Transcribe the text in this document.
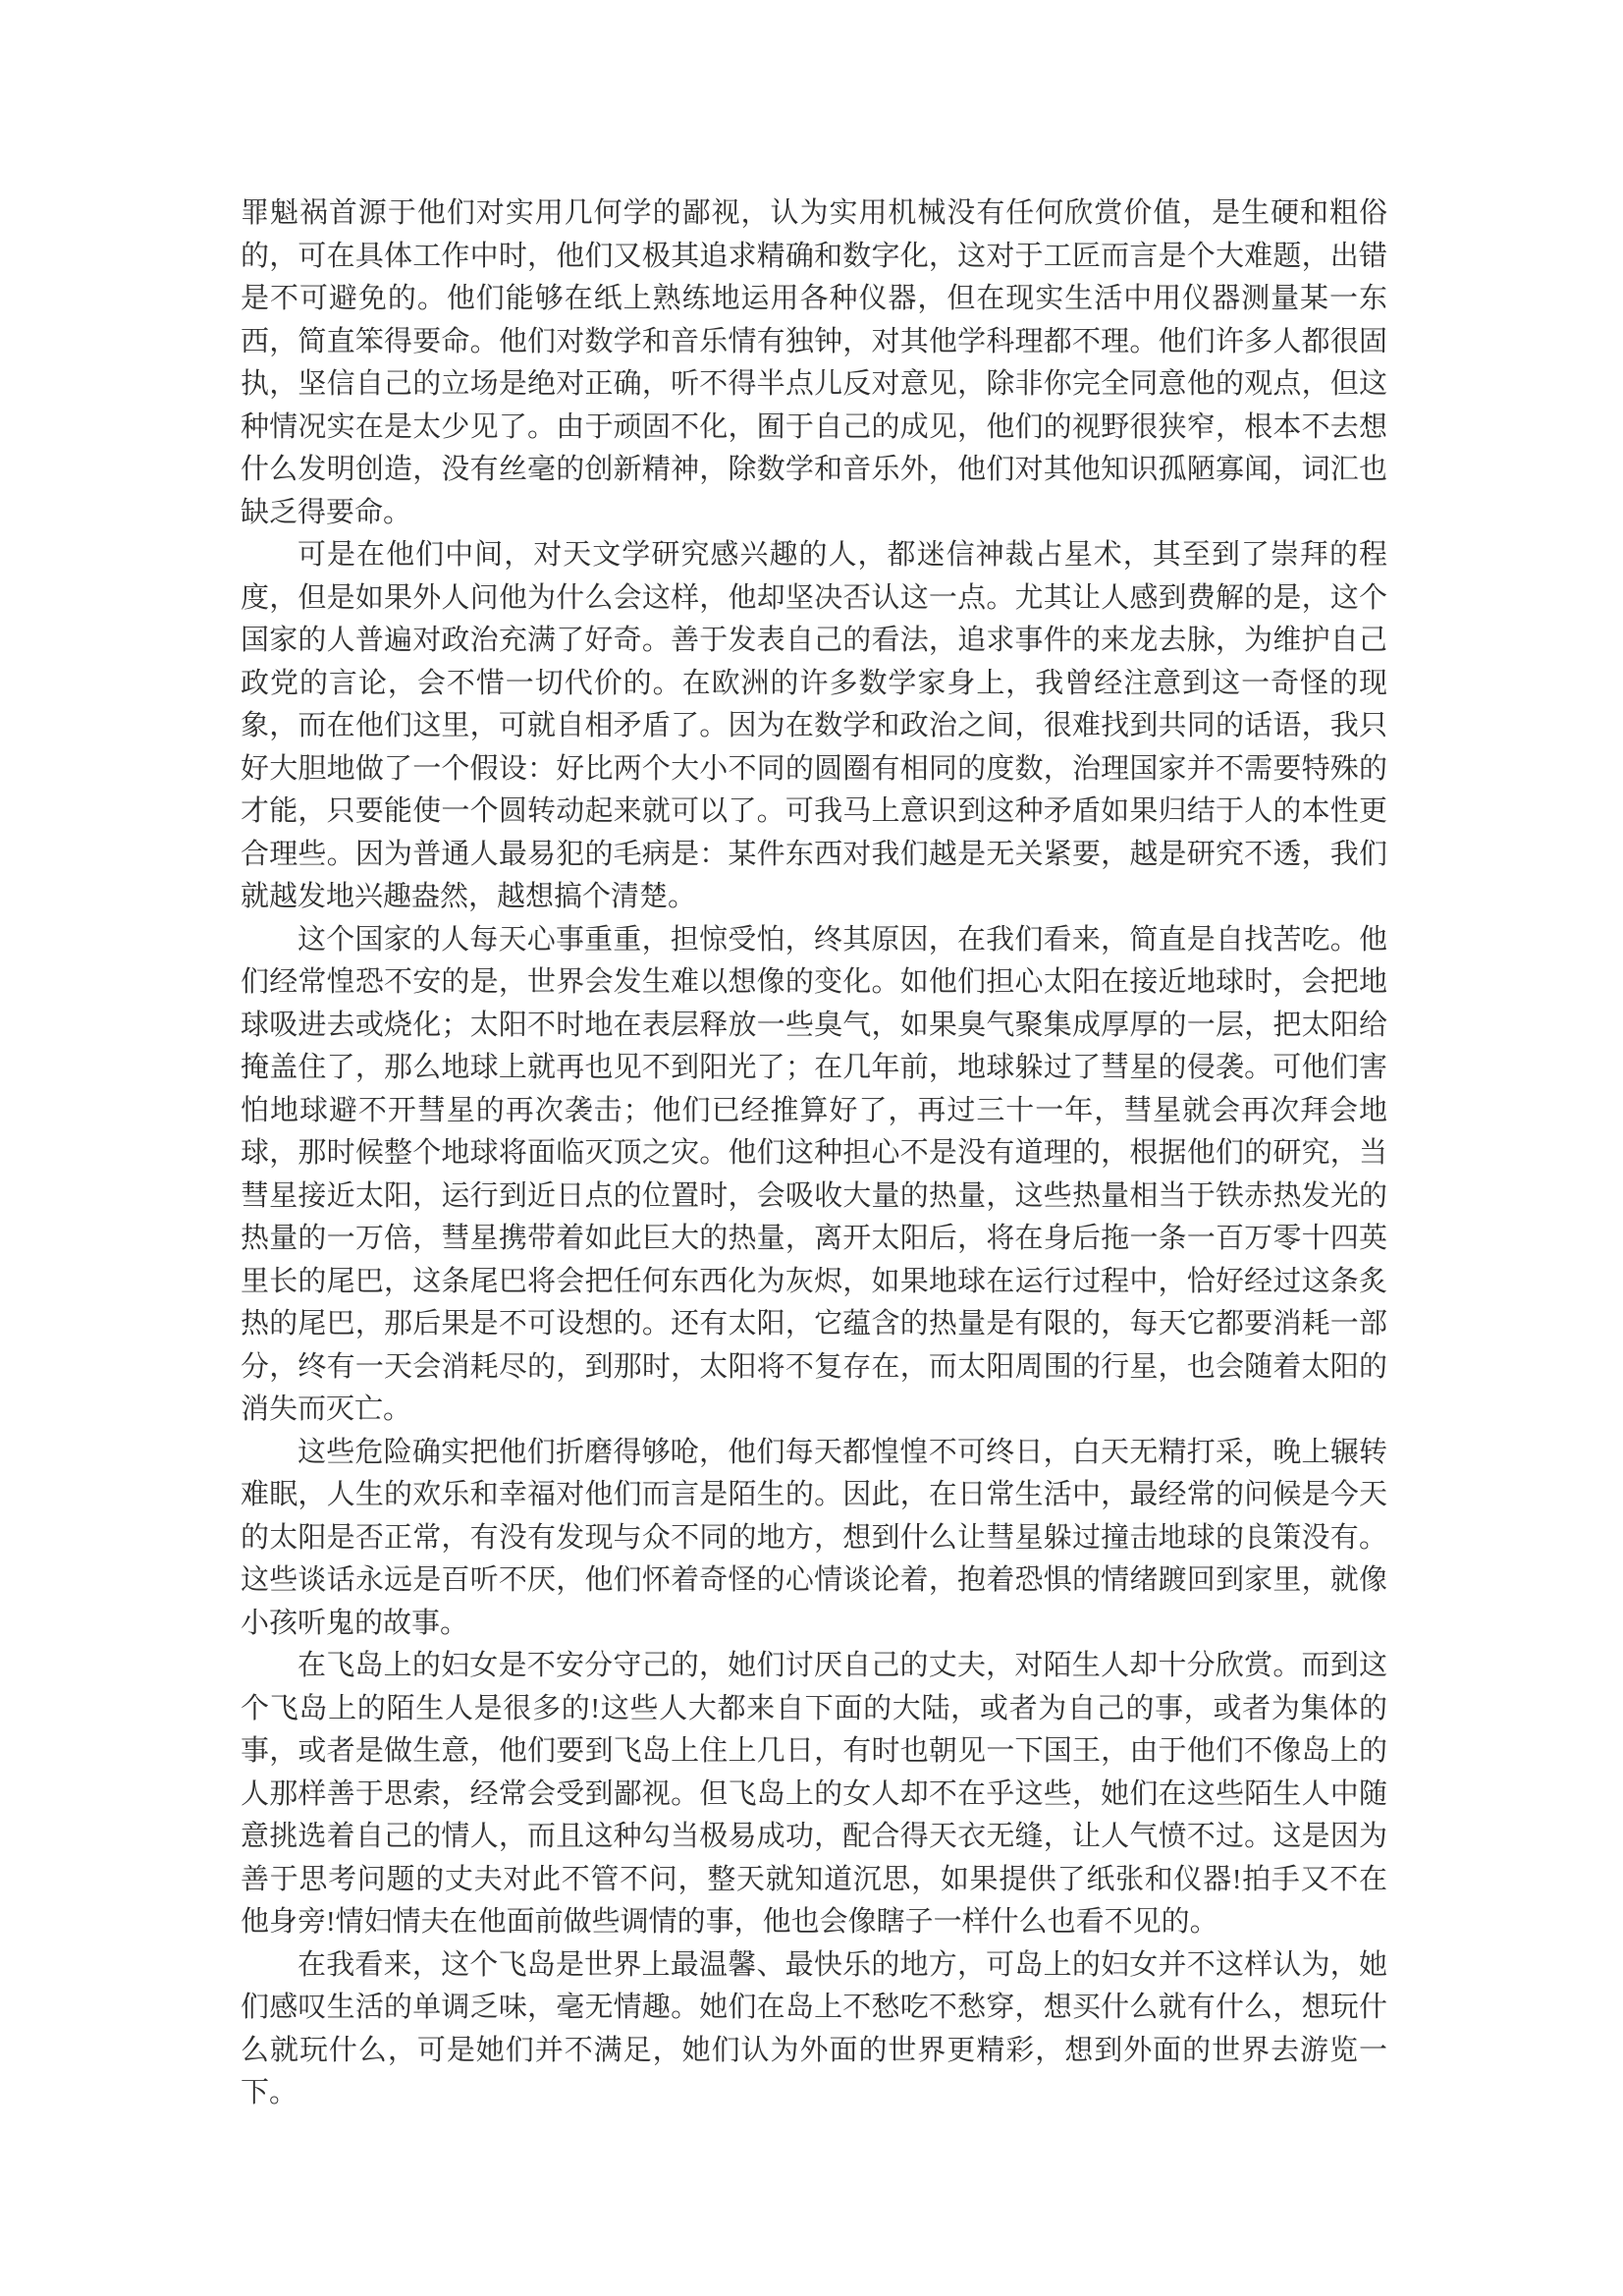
罪魁祸首源于他们对实用几何学的鄙视，认为实用机械没有任何欣赏价值，是生硬和粗俗的，可在具体工作中时，他们又极其追求精确和数字化，这对于工匠而言是个大难题，出错是不可避免的。他们能够在纸上熟练地运用各种仪器，但在现实生活中用仪器测量某一东西，简直笨得要命。他们对数学和音乐情有独钟，对其他学科理都不理。他们许多人都很固执，坚信自己的立场是绝对正确，听不得半点儿反对意见，除非你完全同意他的观点，但这种情况实在是太少见了。由于顽固不化，囿于自己的成见，他们的视野很狭窄，根本不去想什么发明创造，没有丝毫的创新精神，除数学和音乐外，他们对其他知识孤陋寡闻，词汇也缺乏得要命。

可是在他们中间，对天文学研究感兴趣的人，都迷信神裁占星术，其至到了崇拜的程度，但是如果外人问他为什么会这样，他却坚决否认这一点。尤其让人感到费解的是，这个国家的人普遍对政治充满了好奇。善于发表自己的看法，追求事件的来龙去脉，为维护自己政党的言论，会不惜一切代价的。在欧洲的许多数学家身上，我曾经注意到这一奇怪的现象，而在他们这里，可就自相矛盾了。因为在数学和政治之间，很难找到共同的话语，我只好大胆地做了一个假设：好比两个大小不同的圆圈有相同的度数，治理国家并不需要特殊的才能，只要能使一个圆转动起来就可以了。可我马上意识到这种矛盾如果归结于人的本性更合理些。因为普通人最易犯的毛病是：某件东西对我们越是无关紧要，越是研究不透，我们就越发地兴趣盎然，越想搞个清楚。

这个国家的人每天心事重重，担惊受怕，终其原因，在我们看来，简直是自找苦吃。他们经常惶恐不安的是，世界会发生难以想像的变化。如他们担心太阳在接近地球时，会把地球吸进去或烧化；太阳不时地在表层释放一些臭气，如果臭气聚集成厚厚的一层，把太阳给掩盖住了，那么地球上就再也见不到阳光了；在几年前，地球躲过了彗星的侵袭。可他们害怕地球避不开彗星的再次袭击；他们已经推算好了，再过三十一年，彗星就会再次拜会地球，那时候整个地球将面临灭顶之灾。他们这种担心不是没有道理的，根据他们的研究，当彗星接近太阳，运行到近日点的位置时，会吸收大量的热量，这些热量相当于铁赤热发光的热量的一万倍，彗星携带着如此巨大的热量，离开太阳后，将在身后拖一条一百万零十四英里长的尾巴，这条尾巴将会把任何东西化为灰烬，如果地球在运行过程中，恰好经过这条炙热的尾巴，那后果是不可设想的。还有太阳，它蕴含的热量是有限的，每天它都要消耗一部分，终有一天会消耗尽的，到那时，太阳将不复存在，而太阳周围的行星，也会随着太阳的消失而灭亡。

这些危险确实把他们折磨得够呛，他们每天都惶惶不可终日，白天无精打采，晚上辗转难眠，人生的欢乐和幸福对他们而言是陌生的。因此，在日常生活中，最经常的问候是今天的太阳是否正常，有没有发现与众不同的地方，想到什么让彗星躲过撞击地球的良策没有。这些谈话永远是百听不厌，他们怀着奇怪的心情谈论着，抱着恐惧的情绪踱回到家里，就像小孩听鬼的故事。

在飞岛上的妇女是不安分守己的，她们讨厌自己的丈夫，对陌生人却十分欣赏。而到这个飞岛上的陌生人是很多的!这些人大都来自下面的大陆，或者为自己的事，或者为集体的事，或者是做生意，他们要到飞岛上住上几日，有时也朝见一下国王，由于他们不像岛上的人那样善于思索，经常会受到鄙视。但飞岛上的女人却不在乎这些，她们在这些陌生人中随意挑选着自己的情人，而且这种勾当极易成功，配合得天衣无缝，让人气愤不过。这是因为善于思考问题的丈夫对此不管不问，整天就知道沉思，如果提供了纸张和仪器!拍手又不在他身旁!情妇情夫在他面前做些调情的事，他也会像瞎子一样什么也看不见的。

在我看来，这个飞岛是世界上最温馨、最快乐的地方，可岛上的妇女并不这样认为，她们感叹生活的单调乏味，毫无情趣。她们在岛上不愁吃不愁穿，想买什么就有什么，想玩什么就玩什么，可是她们并不满足，她们认为外面的世界更精彩，想到外面的世界去游览一下。
